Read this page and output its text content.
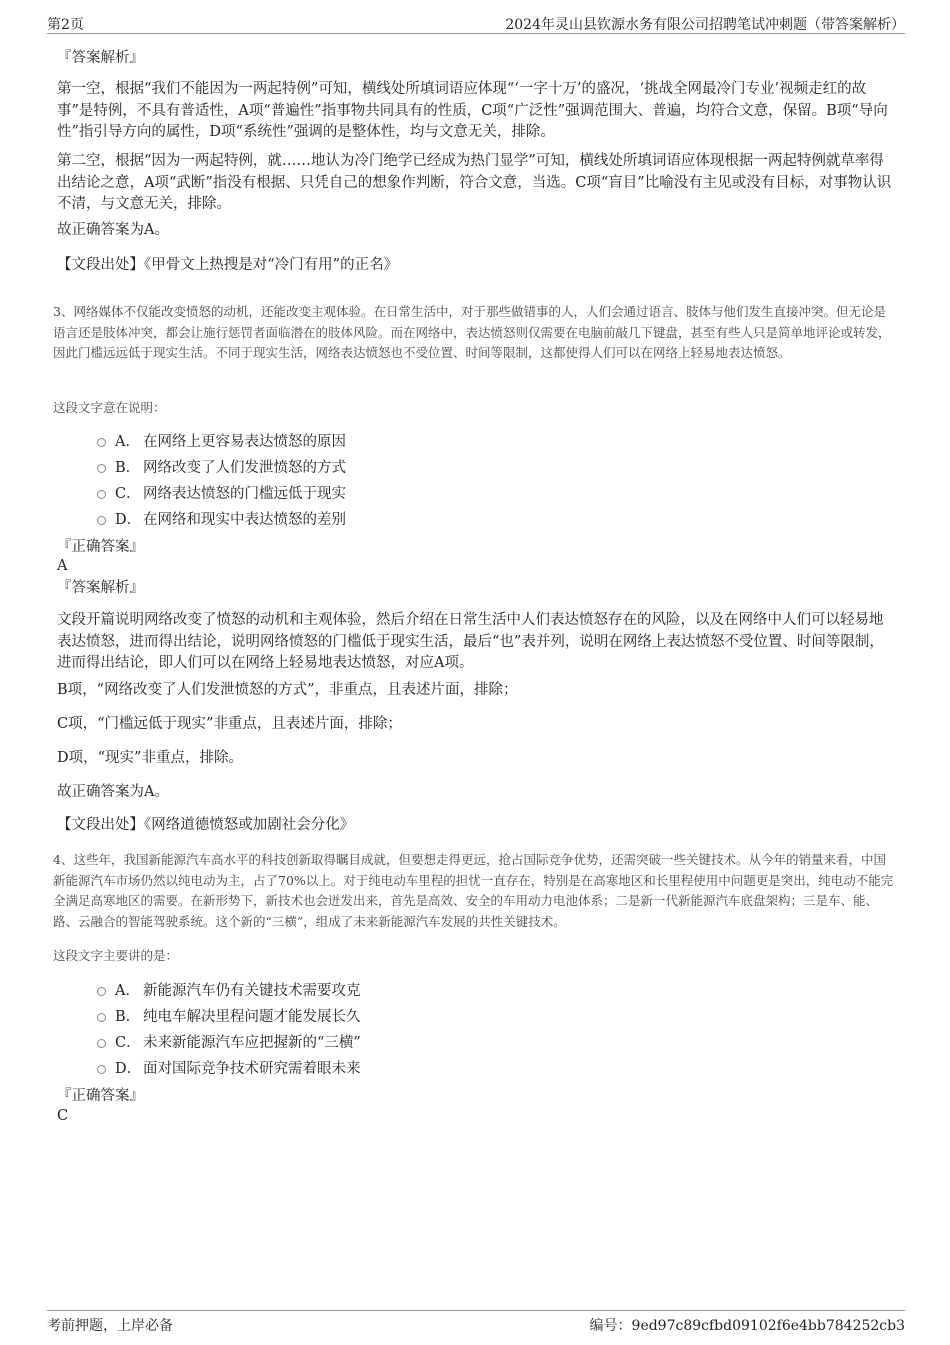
第2页	2024年灵山县钦源水务有限公司招聘笔试冲刺题（带答案解析）
『答案解析』
第一空，根据“我们不能因为一两起特例”可知，横线处所填词语应体现“‘一字十万’的盛况，‘挑战全网最冷门专业’视频走红的故事”是特例，不具有普适性，A项“普遍性”指事物共同具有的性质，C项“广泛性”强调范围大、普遍，均符合文意，保留。B项“导向性”指引导方向的属性，D项“系统性”强调的是整体性，均与文意无关，排除。
第二空，根据“因为一两起特例，就……地认为冷门绝学已经成为热门显学”可知，横线处所填词语应体现根据一两起特例就草率得出结论之意，A项“武断”指没有根据、只凭自己的想象作判断，符合文意，当选。C项“盲目”比喻没有主见或没有目标，对事物认识不清，与文意无关，排除。
故正确答案为A。
【文段出处】《甲骨文上热搜是对“冷门有用”的正名》
3、网络媒体不仅能改变愤怒的动机，还能改变主观体验。在日常生活中，对于那些做错事的人，人们会通过语言、肢体与他们发生直接冲突。但无论是语言还是肢体冲突，都会让施行惩罚者面临潜在的肢体风险。而在网络中，表达愤怒则仅需要在电脑前敲几下键盘，甚至有些人只是简单地评论或转发，因此门槛远远低于现实生活。不同于现实生活，网络表达愤怒也不受位置、时间等限制，这都使得人们可以在网络上轻易地表达愤怒。
这段文字意在说明：
A． 在网络上更容易表达愤怒的原因
B． 网络改变了人们发泄愤怒的方式
C． 网络表达愤怒的门槛远低于现实
D． 在网络和现实中表达愤怒的差别
『正确答案』
A
『答案解析』
文段开篇说明网络改变了愤怒的动机和主观体验，然后介绍在日常生活中人们表达愤怒存在的风险，以及在网络中人们可以轻易地表达愤怒，进而得出结论，说明网络愤怒的门槛低于现实生活，最后“也”表并列，说明在网络上表达愤怒不受位置、时间等限制，进而得出结论，即人们可以在网络上轻易地表达愤怒，对应A项。
B项，“网络改变了人们发泄愤怒的方式”，非重点，且表述片面，排除；
C项，“门槛远低于现实”非重点，且表述片面，排除；
D项，“现实”非重点，排除。
故正确答案为A。
【文段出处】《网络道德愤怒或加剧社会分化》
4、这些年，我国新能源汽车高水平的科技创新取得瞩目成就，但要想走得更远，抢占国际竞争优势，还需突破一些关键技术。从今年的销量来看，中国新能源汽车市场仍然以纯电动为主，占了70%以上。对于纯电动车里程的担忧一直存在，特别是在高寒地区和长里程使用中问题更是突出，纯电动不能完全满足高寒地区的需要。在新形势下，新技术也会迸发出来，首先是高效、安全的车用动力电池体系；二是新一代新能源汽车底盘架构；三是车、能、路、云融合的智能驾驶系统。这个新的“三横”，组成了未来新能源汽车发展的共性关键技术。
这段文字主要讲的是：
A． 新能源汽车仍有关键技术需要攻克
B． 纯电车解决里程问题才能发展长久
C． 未来新能源汽车应把握新的“三横”
D． 面对国际竞争技术研究需着眼未来
『正确答案』
C
考前押题，上岸必备	编号：9ed97c89cfbd09102f6e4bb784252cb3
